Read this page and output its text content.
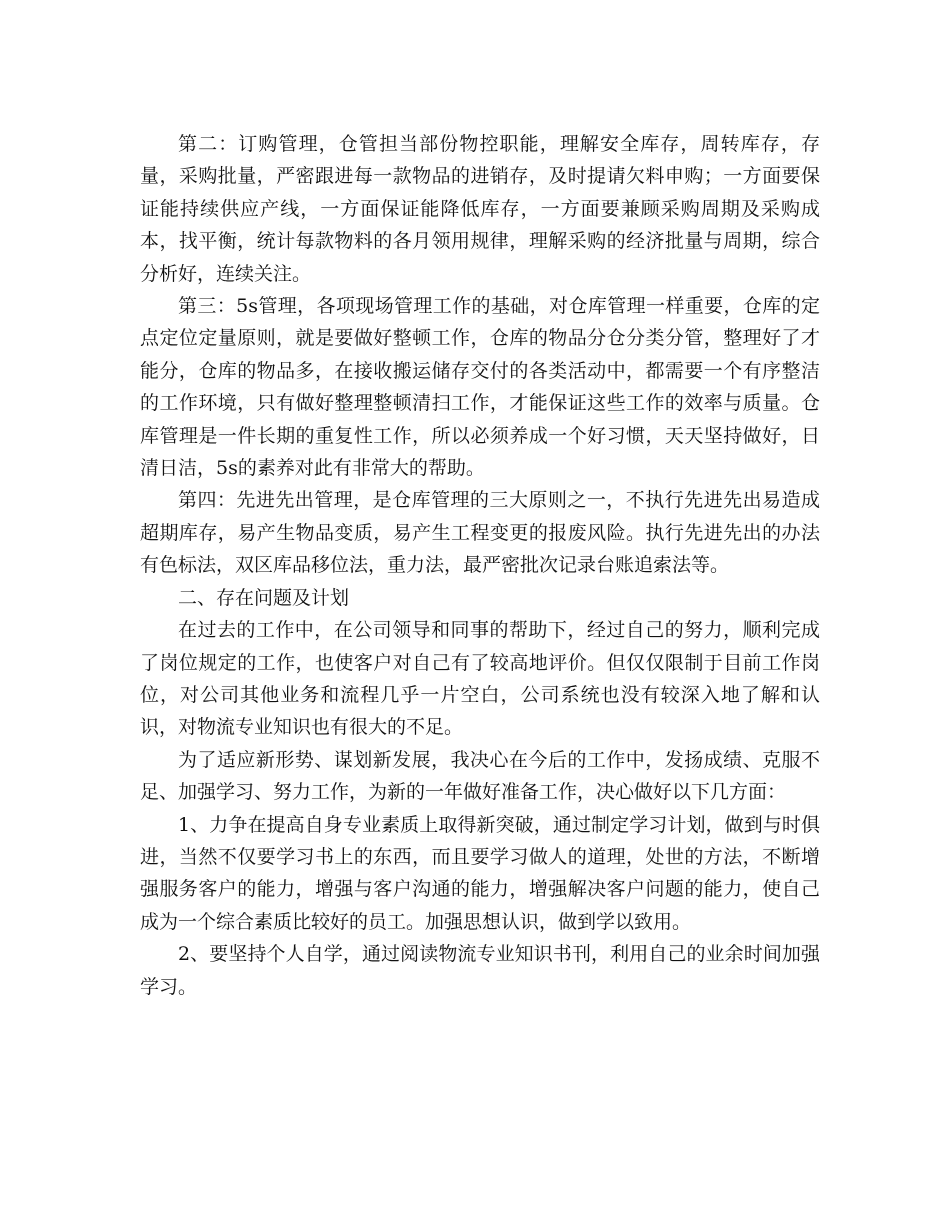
第二：订购管理，仓管担当部份物控职能，理解安全库存，周转库存，存量，采购批量，严密跟进每一款物品的进销存，及时提请欠料申购；一方面要保证能持续供应产线，一方面保证能降低库存，一方面要兼顾采购周期及采购成本，找平衡，统计每款物料的各月领用规律，理解采购的经济批量与周期，综合分析好，连续关注。

第三：5s管理，各项现场管理工作的基础，对仓库管理一样重要，仓库的定点定位定量原则，就是要做好整顿工作，仓库的物品分仓分类分管，整理好了才能分，仓库的物品多，在接收搬运储存交付的各类活动中，都需要一个有序整洁的工作环境，只有做好整理整顿清扫工作，才能保证这些工作的效率与质量。仓库管理是一件长期的重复性工作，所以必须养成一个好习惯，天天坚持做好，日清日洁，5s的素养对此有非常大的帮助。

第四：先进先出管理，是仓库管理的三大原则之一，不执行先进先出易造成超期库存，易产生物品变质，易产生工程变更的报废风险。执行先进先出的办法有色标法，双区库品移位法，重力法，最严密批次记录台账追索法等。

二、存在问题及计划

在过去的工作中，在公司领导和同事的帮助下，经过自己的努力，顺利完成了岗位规定的工作，也使客户对自己有了较高地评价。但仅仅限制于目前工作岗位，对公司其他业务和流程几乎一片空白，公司系统也没有较深入地了解和认识，对物流专业知识也有很大的不足。

为了适应新形势、谋划新发展，我决心在今后的工作中，发扬成绩、克服不足、加强学习、努力工作，为新的一年做好准备工作，决心做好以下几方面：

1、力争在提高自身专业素质上取得新突破，通过制定学习计划，做到与时俱进，当然不仅要学习书上的东西，而且要学习做人的道理，处世的方法，不断增强服务客户的能力，增强与客户沟通的能力，增强解决客户问题的能力，使自己成为一个综合素质比较好的员工。加强思想认识，做到学以致用。

2、要坚持个人自学，通过阅读物流专业知识书刊，利用自己的业余时间加强学习。
